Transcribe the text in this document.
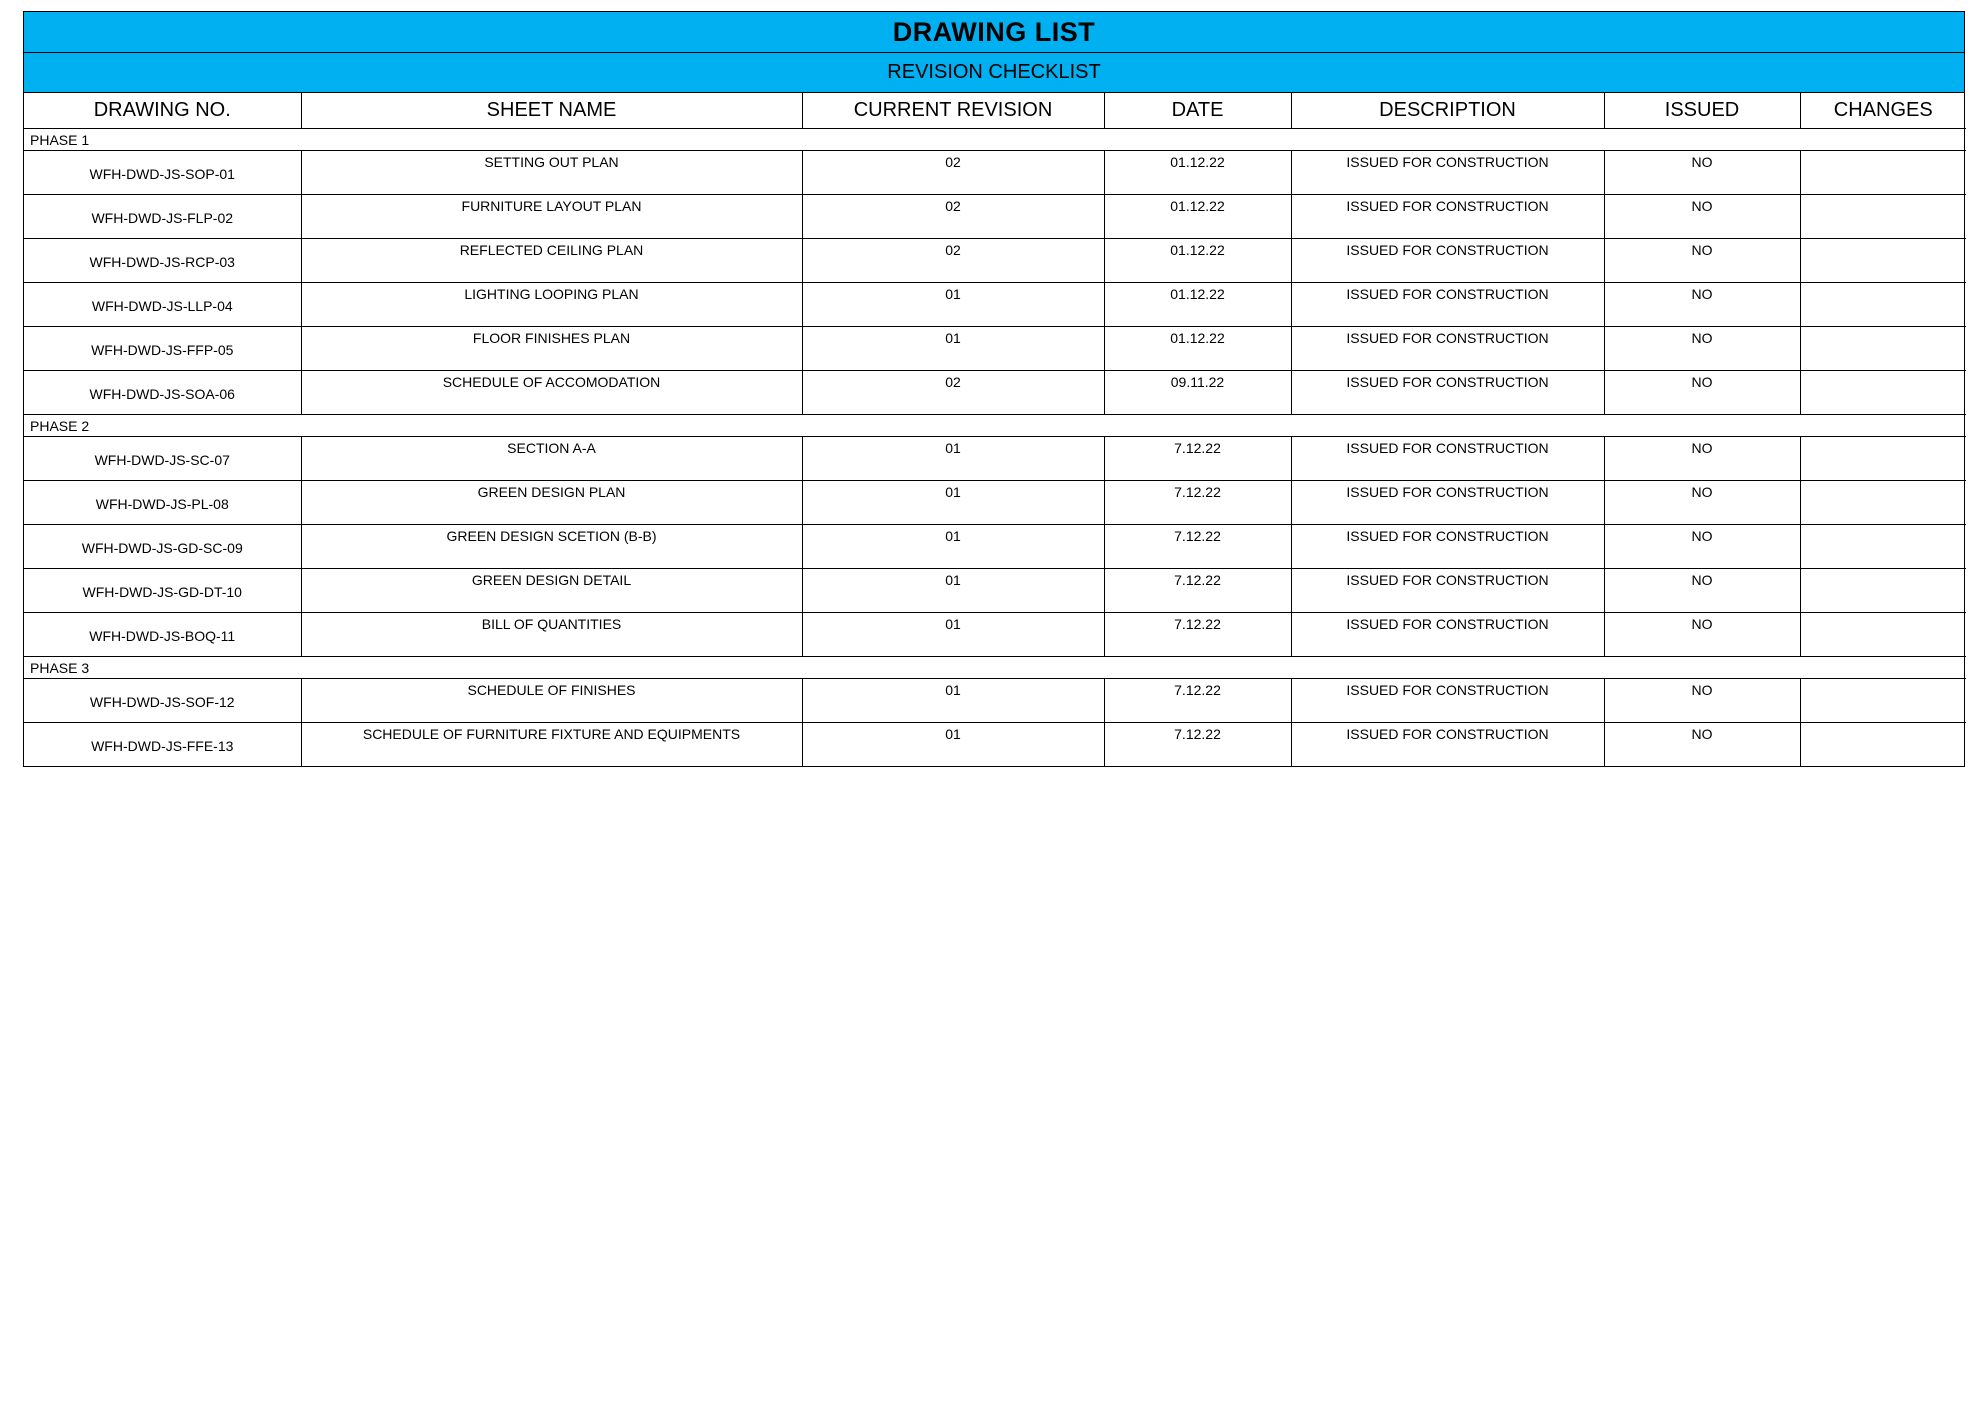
DRAWING LIST
REVISION CHECKLIST
DRAWING NO.	SHEET NAME	CURRENT REVISION	DATE	DESCRIPTION	ISSUED	CHANGES
PHASE 1						
WFH-DWD-JS-SOP-01	SETTING OUT PLAN	02	01.12.22	ISSUED FOR CONSTRUCTION	NO	
WFH-DWD-JS-FLP-02	FURNITURE LAYOUT PLAN	02	01.12.22	ISSUED FOR CONSTRUCTION	NO	
WFH-DWD-JS-RCP-03	REFLECTED CEILING PLAN	02	01.12.22	ISSUED FOR CONSTRUCTION	NO	
WFH-DWD-JS-LLP-04	LIGHTING LOOPING PLAN	01	01.12.22	ISSUED FOR CONSTRUCTION	NO	
WFH-DWD-JS-FFP-05	FLOOR FINISHES PLAN	01	01.12.22	ISSUED FOR CONSTRUCTION	NO	
WFH-DWD-JS-SOA-06	SCHEDULE OF ACCOMODATION	02	09.11.22	ISSUED FOR CONSTRUCTION	NO	
PHASE 2						
WFH-DWD-JS-SC-07	SECTION A-A	01	7.12.22	ISSUED FOR CONSTRUCTION	NO	
WFH-DWD-JS-PL-08	GREEN DESIGN PLAN	01	7.12.22	ISSUED FOR CONSTRUCTION	NO	
WFH-DWD-JS-GD-SC-09	GREEN DESIGN SCETION (B-B)	01	7.12.22	ISSUED FOR CONSTRUCTION	NO	
WFH-DWD-JS-GD-DT-10	GREEN DESIGN DETAIL	01	7.12.22	ISSUED FOR CONSTRUCTION	NO	
WFH-DWD-JS-BOQ-11	BILL OF QUANTITIES	01	7.12.22	ISSUED FOR CONSTRUCTION	NO	
PHASE 3						
WFH-DWD-JS-SOF-12	SCHEDULE OF FINISHES	01	7.12.22	ISSUED FOR CONSTRUCTION	NO	
WFH-DWD-JS-FFE-13	SCHEDULE OF FURNITURE FIXTURE AND EQUIPMENTS	01	7.12.22	ISSUED FOR CONSTRUCTION	NO	
